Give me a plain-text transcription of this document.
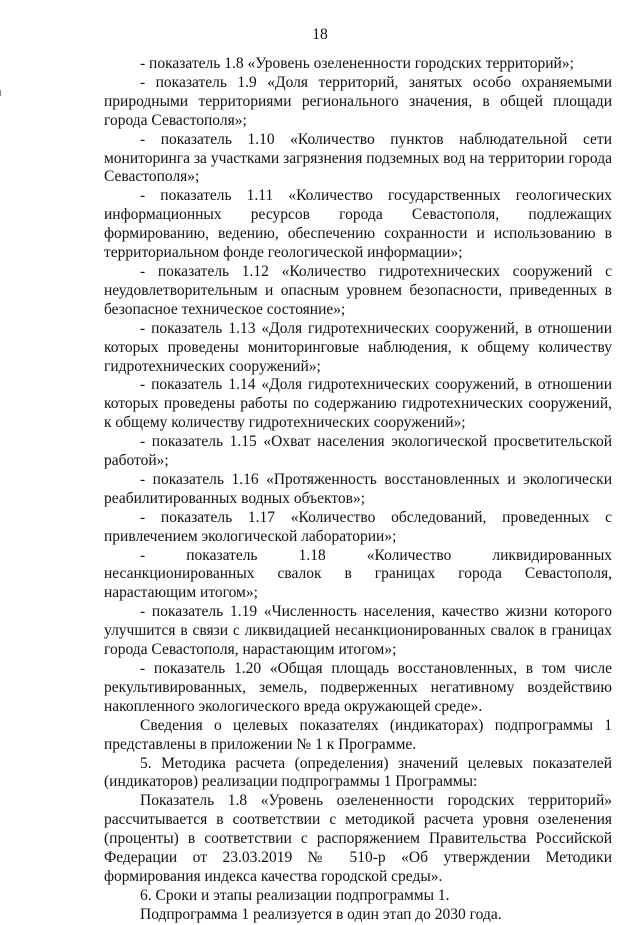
18

- показатель 1.8 «Уровень озелененности городских территорий»;

- показатель 1.9 «Доля территорий, занятых особо охраняемыми природными территориями регионального значения, в общей площади города Севастополя»;

- показатель 1.10 «Количество пунктов наблюдательной сети мониторинга за участками загрязнения подземных вод на территории города Севастополя»;

- показатель 1.11 «Количество государственных геологических информационных ресурсов города Севастополя, подлежащих формированию, ведению, обеспечению сохранности и использованию в территориальном фонде геологической информации»;

- показатель 1.12 «Количество гидротехнических сооружений с неудовлетворительным и опасным уровнем безопасности, приведенных в безопасное техническое состояние»;

- показатель 1.13 «Доля гидротехнических сооружений, в отношении которых проведены мониторинговые наблюдения, к общему количеству гидротехнических сооружений»;

- показатель 1.14 «Доля гидротехнических сооружений, в отношении которых проведены работы по содержанию гидротехнических сооружений, к общему количеству гидротехнических сооружений»;

- показатель 1.15 «Охват населения экологической просветительской работой»;

- показатель 1.16 «Протяженность восстановленных и экологически реабилитированных водных объектов»;

- показатель 1.17 «Количество обследований, проведенных с привлечением экологической лаборатории»;

- показатель 1.18 «Количество ликвидированных несанкционированных свалок в границах города Севастополя, нарастающим итогом»;

- показатель 1.19 «Численность населения, качество жизни которого улучшится в связи с ликвидацией несанкционированных свалок в границах города Севастополя, нарастающим итогом»;

- показатель 1.20 «Общая площадь восстановленных, в том числе рекультивированных, земель, подверженных негативному воздействию накопленного экологического вреда окружающей среде».

Сведения о целевых показателях (индикаторах) подпрограммы 1 представлены в приложении № 1 к Программе.

5. Методика расчета (определения) значений целевых показателей (индикаторов) реализации подпрограммы 1 Программы:

Показатель 1.8 «Уровень озелененности городских территорий» рассчитывается в соответствии с методикой расчета уровня озеленения (проценты) в соответствии с распоряжением Правительства Российской Федерации от 23.03.2019 № 510-р «Об утверждении Методики формирования индекса качества городской среды».

6. Сроки и этапы реализации подпрограммы 1.

Подпрограмма 1 реализуется в один этап до 2030 года.
